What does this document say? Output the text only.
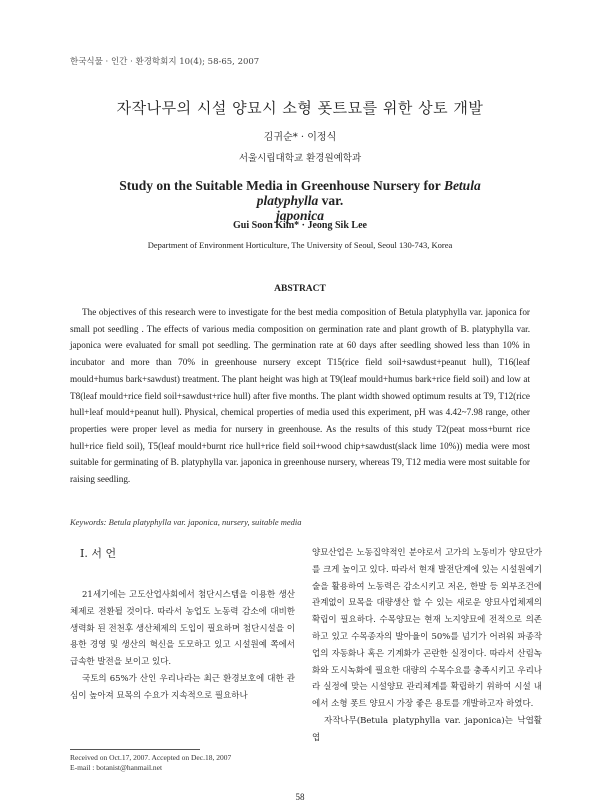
한국식물 · 인간 · 환경학회지 10(4); 58-65, 2007
자작나무의 시설 양묘시 소형 폿트묘를 위한 상토 개발
김귀순* · 이정식
서울시립대학교 환경원예학과
Study on the Suitable Media in Greenhouse Nursery for Betula platyphylla var.
japonica
Gui Soon Kim* · Jeong Sik Lee
Department of Environment Horticulture, The University of Seoul, Seoul 130-743, Korea
ABSTRACT
The objectives of this research were to investigate for the best media composition of Betula platyphylla var. japonica for small pot seedling . The effects of various media composition on germination rate and plant growth of B. platyphylla var. japonica were evaluated for small pot seedling. The germination rate at 60 days after seedling showed less than 10% in incubator and more than 70% in greenhouse nursery except T15(rice field soil+sawdust+peanut hull), T16(leaf mould+humus bark+sawdust) treatment. The plant height was high at T9(leaf mould+humus bark+rice field soil) and low at T8(leaf mould+rice field soil+sawdust+rice hull) after five months. The plant width showed optimum results at T9, T12(rice hull+leaf mould+peanut hull). Physical, chemical properties of media used this experiment, pH was 4.42~7.98 range, other properties were proper level as media for nursery in greenhouse. As the results of this study T2(peat moss+burnt rice hull+rice field soil), T5(leaf mould+burnt rice hull+rice field soil+wood chip+sawdust(slack lime 10%)) media were most suitable for germinating of B. platyphylla var. japonica in greenhouse nursery, whereas T9, T12 media were most suitable for raising seedling.
Keywords: Betula platyphylla var. japonica, nursery, suitable media
Ⅰ. 서 언

21세기에는 고도산업사회에서 첨단시스템을 이용한 생산체제로 전환될 것이다. 따라서 농업도 노동력 감소에 대비한 생력화 된 전천후 생산체제의 도입이 필요하며 첨단시설을 이용한 경영 및 생산의 혁신을 도모하고 있고 시설원예 쪽에서 급속한 발전을 보이고 있다.

국토의 65%가 산인 우리나라는 최근 환경보호에 대한 관심이 높아져 묘목의 수요가 지속적으로 필요하나

양묘산업은 노동집약적인 분야로서 고가의 노동비가 양묘단가를 크게 높이고 있다. 따라서 현재 발전단계에 있는 시설원예기술을 활용하여 노동력은 감소시키고 저온, 한발 등 외부조건에 관계없이 묘목을 대량생산 할 수 있는 새로운 양묘사업체제의 확립이 필요하다. 수목양묘는 현재 노지양묘에 전적으로 의존하고 있고 수목종자의 발아율이 50%를 넘기가 어려워 파종작업의 자동화나 혹은 기계화가 곤란한 실정이다. 따라서 산림녹화와 도시녹화에 필요한 대량의 수목수요를 충족시키고 우리나라 실정에 맞는 시설양묘 관리체계를 확립하기 위하여 시설 내에서 소형 폿트 양묘시 가장 좋은 용토를 개발하고자 하였다.

자작나무(Betula platyphylla var. japonica)는 낙엽활엽

Received on Oct.17, 2007. Accepted on Dec.18, 2007
E-mail : botanist@hanmail.net
58
